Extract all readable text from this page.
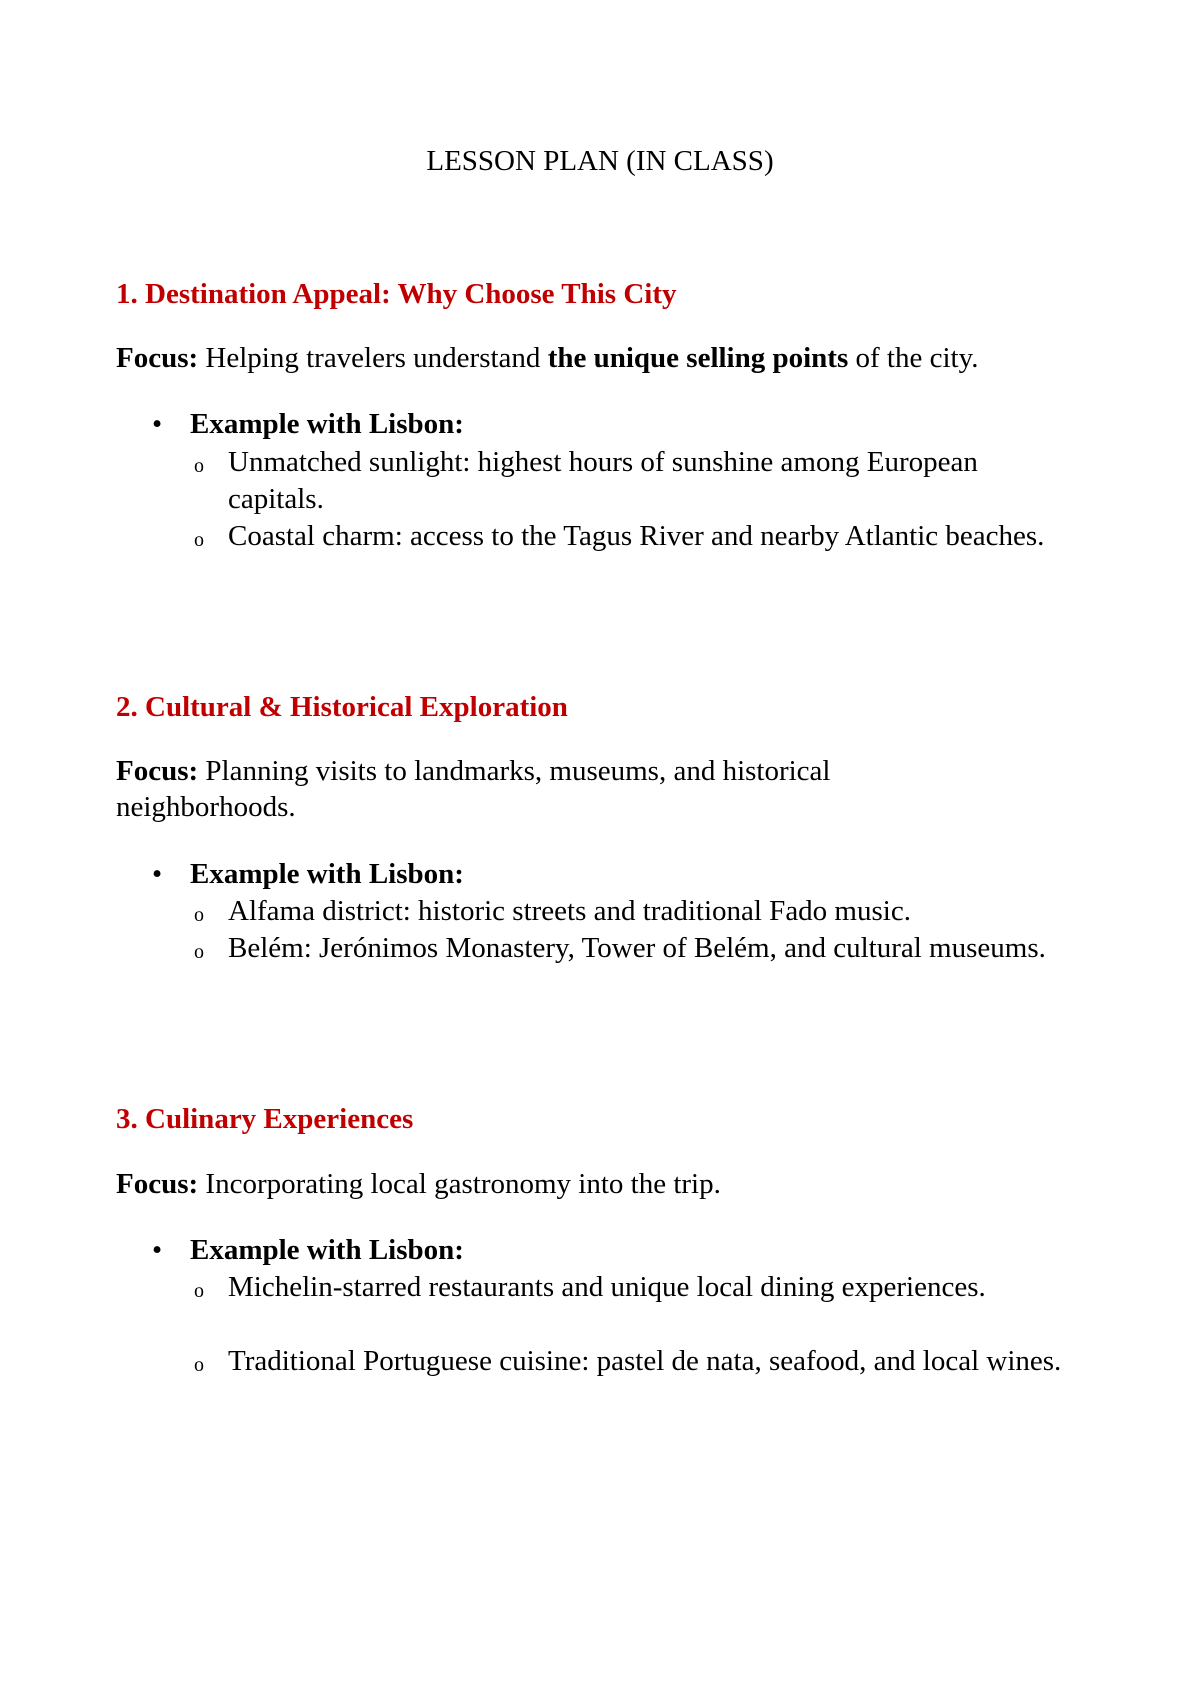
LESSON PLAN (IN CLASS)
1. Destination Appeal: Why Choose This City

Focus: Helping travelers understand the unique selling points of the city.

• Example with Lisbon:

o Unmatched sunlight: highest hours of sunshine among European capitals.

o Coastal charm: access to the Tagus River and nearby Atlantic beaches.

2. Cultural & Historical Exploration

Focus: Planning visits to landmarks, museums, and historical neighborhoods.

• Example with Lisbon:

o Alfama district: historic streets and traditional Fado music.

o Belém: Jerónimos Monastery, Tower of Belém, and cultural museums.

3. Culinary Experiences

Focus: Incorporating local gastronomy into the trip.

• Example with Lisbon:

o Michelin-starred restaurants and unique local dining experiences.

o Traditional Portuguese cuisine: pastel de nata, seafood, and local wines.
